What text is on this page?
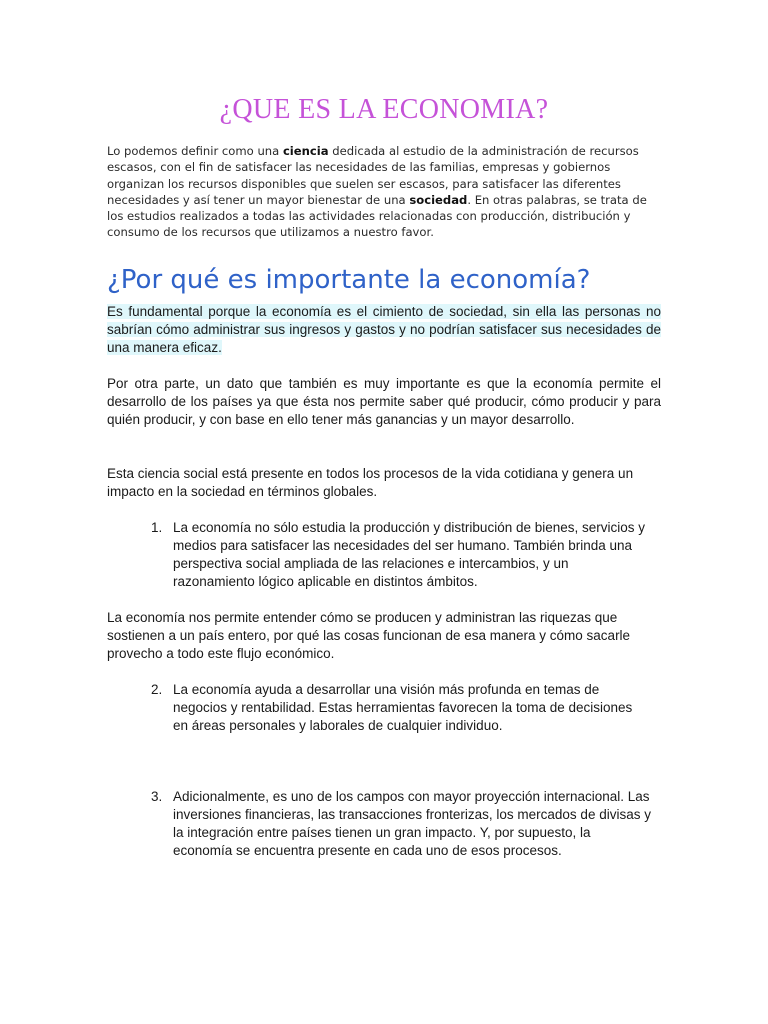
¿QUE ES LA ECONOMIA?

Lo podemos definir como una ciencia dedicada al estudio de la administración de recursos escasos, con el fin de satisfacer las necesidades de las familias, empresas y gobiernos organizan los recursos disponibles que suelen ser escasos, para satisfacer las diferentes necesidades y así tener un mayor bienestar de una sociedad. En otras palabras, se trata de los estudios realizados a todas las actividades relacionadas con producción, distribución y consumo de los recursos que utilizamos a nuestro favor.

¿Por qué es importante la economía?

Es fundamental porque la economía es el cimiento de sociedad, sin ella las personas no sabrían cómo administrar sus ingresos y gastos y no podrían satisfacer sus necesidades de una manera eficaz.

Por otra parte, un dato que también es muy importante es que la economía permite el desarrollo de los países ya que ésta nos permite saber qué producir, cómo producir y para quién producir, y con base en ello tener más ganancias y un mayor desarrollo.

Esta ciencia social está presente en todos los procesos de la vida cotidiana y genera un impacto en la sociedad en términos globales.

1. La economía no sólo estudia la producción y distribución de bienes, servicios y medios para satisfacer las necesidades del ser humano. También brinda una perspectiva social ampliada de las relaciones e intercambios, y un razonamiento lógico aplicable en distintos ámbitos.

La economía nos permite entender cómo se producen y administran las riquezas que sostienen a un país entero, por qué las cosas funcionan de esa manera y cómo sacarle provecho a todo este flujo económico.

2. La economía ayuda a desarrollar una visión más profunda en temas de negocios y rentabilidad. Estas herramientas favorecen la toma de decisiones en áreas personales y laborales de cualquier individuo.
3. Adicionalmente, es uno de los campos con mayor proyección internacional. Las inversiones financieras, las transacciones fronterizas, los mercados de divisas y la integración entre países tienen un gran impacto. Y, por supuesto, la economía se encuentra presente en cada uno de esos procesos.
